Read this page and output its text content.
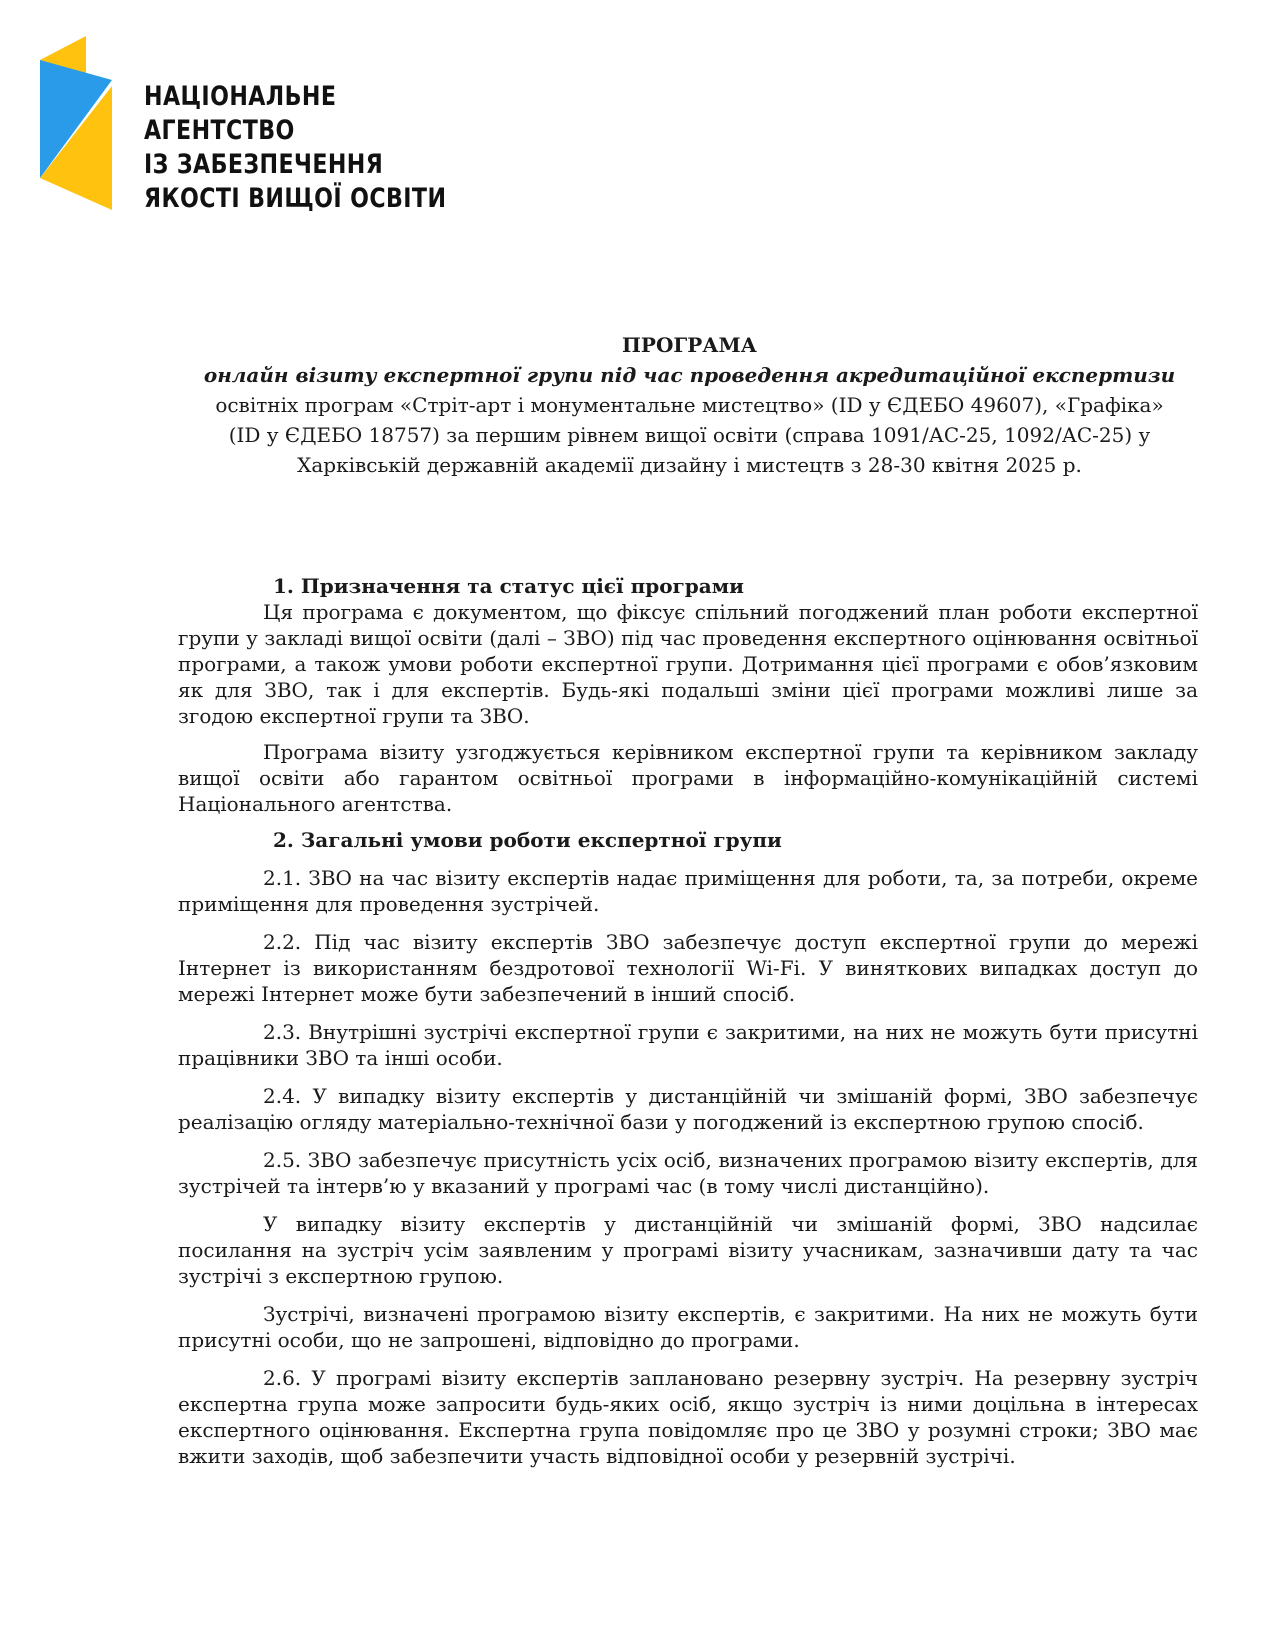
НАЦІОНАЛЬНЕ
АГЕНТСТВО
ІЗ ЗАБЕЗПЕЧЕННЯ
ЯКОСТІ ВИЩОЇ ОСВІТИ
ПРОГРАМА
онлайн візиту експертної групи під час проведення акредитаційної експертизи
освітніх програм «Стріт-арт і монументальне мистецтво» (ID у ЄДЕБО 49607), «Графіка»
(ID у ЄДЕБО 18757) за першим рівнем вищої освіти (справа 1091/АС-25, 1092/АС-25) у
Харківській державній академії дизайну і мистецтв з 28-30 квітня 2025 р.

1. Призначення та статус цієї програми

Ця програма є документом, що фіксує спільний погоджений план роботи експертної групи у закладі вищої освіти (далі – ЗВО) під час проведення експертного оцінювання освітньої програми, а також умови роботи експертної групи. Дотримання цієї програми є обов’язковим як для ЗВО, так і для експертів. Будь-які подальші зміни цієї програми можливі лише за згодою експертної групи та ЗВО.

Програма візиту узгоджується керівником експертної групи та керівником закладу вищої освіти або гарантом освітньої програми в інформаційно-комунікаційній системі Національного агентства.

2. Загальні умови роботи експертної групи

2.1. ЗВО на час візиту експертів надає приміщення для роботи, та, за потреби, окреме приміщення для проведення зустрічей.

2.2. Під час візиту експертів ЗВО забезпечує доступ експертної групи до мережі Інтернет із використанням бездротової технології Wi-Fi. У виняткових випадках доступ до мережі Інтернет може бути забезпечений в інший спосіб.

2.3. Внутрішні зустрічі експертної групи є закритими, на них не можуть бути присутні працівники ЗВО та інші особи.

2.4. У випадку візиту експертів у дистанційній чи змішаній формі, ЗВО забезпечує реалізацію огляду матеріально-технічної бази у погоджений із експертною групою спосіб.

2.5. ЗВО забезпечує присутність усіх осіб, визначених програмою візиту експертів, для зустрічей та інтерв’ю у вказаний у програмі час (в тому числі дистанційно).

У випадку візиту експертів у дистанційній чи змішаній формі, ЗВО надсилає посилання на зустріч усім заявленим у програмі візиту учасникам, зазначивши дату та час зустрічі з експертною групою.

Зустрічі, визначені програмою візиту експертів, є закритими. На них не можуть бути присутні особи, що не запрошені, відповідно до програми.

2.6. У програмі візиту експертів заплановано резервну зустріч. На резервну зустріч експертна група може запросити будь-яких осіб, якщо зустріч із ними доцільна в інтересах експертного оцінювання. Експертна група повідомляє про це ЗВО у розумні строки; ЗВО має вжити заходів, щоб забезпечити участь відповідної особи у резервній зустрічі.
